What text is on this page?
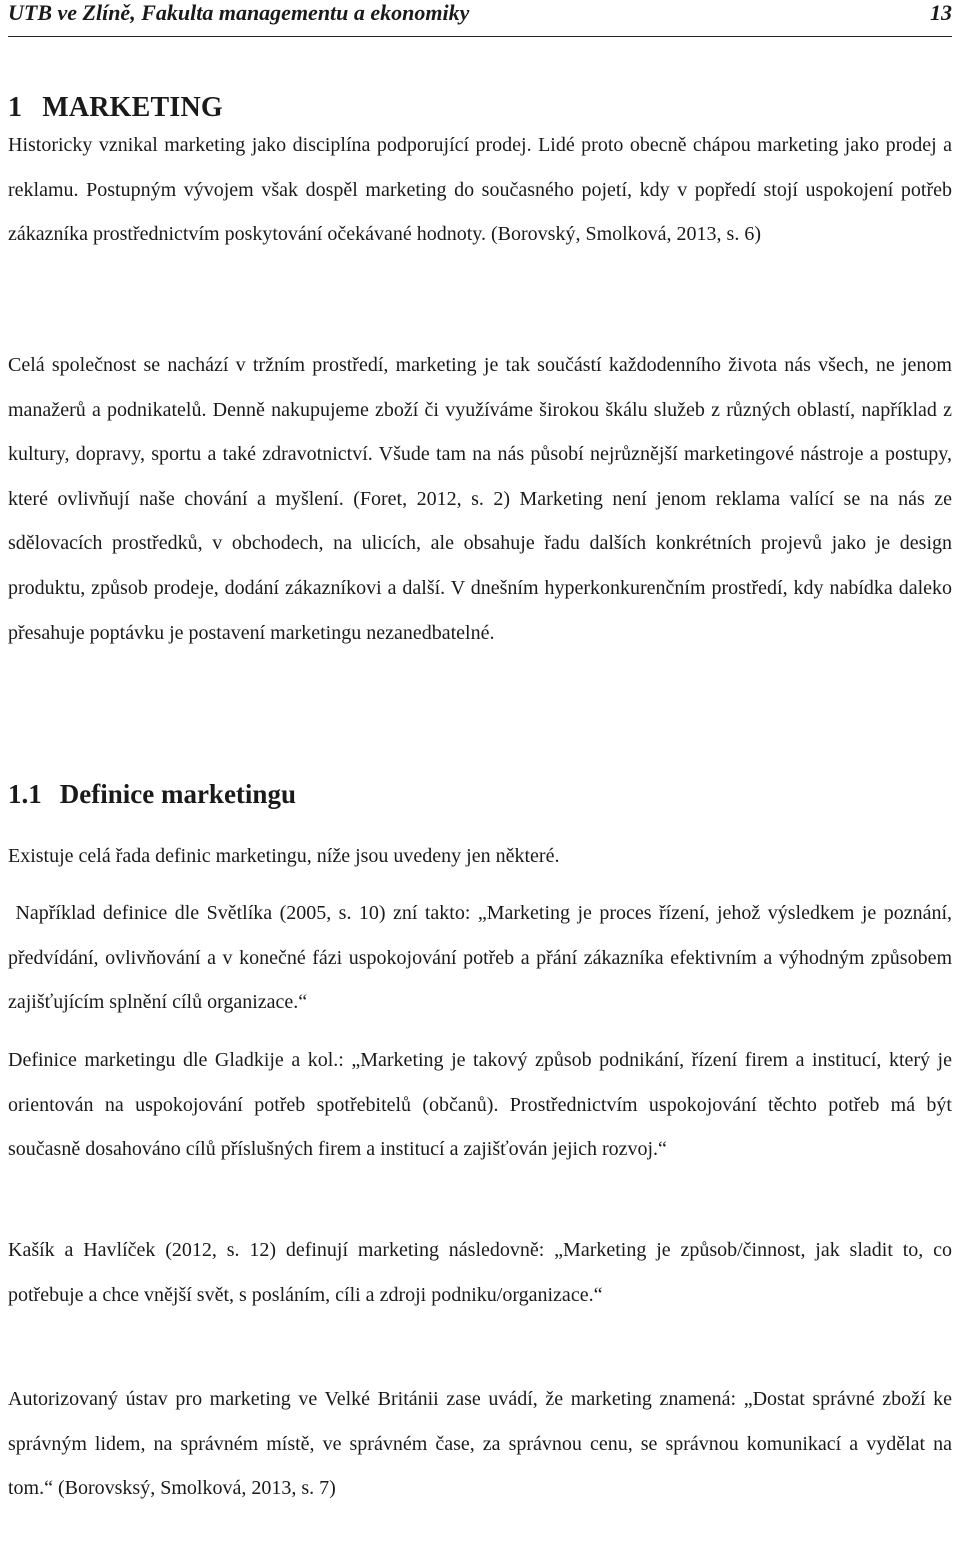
UTB ve Zlíně, Fakulta managementu a ekonomiky	13
1 MARKETING

Historicky vznikal marketing jako disciplína podporující prodej. Lidé proto obecně chápou marketing jako prodej a reklamu. Postupným vývojem však dospěl marketing do současného pojetí, kdy v popředí stojí uspokojení potřeb zákazníka prostřednictvím poskytování očekávané hodnoty. (Borovský, Smolková, 2013, s. 6)

Celá společnost se nachází v tržním prostředí, marketing je tak součástí každodenního života nás všech, ne jenom manažerů a podnikatelů. Denně nakupujeme zboží či využíváme širokou škálu služeb z různých oblastí, například z kultury, dopravy, sportu a také zdravotnictví. Všude tam na nás působí nejrůznější marketingové nástroje a postupy, které ovlivňují naše chování a myšlení. (Foret, 2012, s. 2) Marketing není jenom reklama valící se na nás ze sdělovacích prostředků, v obchodech, na ulicích, ale obsahuje řadu dalších konkrétních projevů jako je design produktu, způsob prodeje, dodání zákazníkovi a další. V dnešním hyperkonkurenčním prostředí, kdy nabídka daleko přesahuje poptávku je postavení marketingu nezanedbatelné.

1.1 Definice marketingu

Existuje celá řada definic marketingu, níže jsou uvedeny jen některé.

Například definice dle Světlíka (2005, s. 10) zní takto: „Marketing je proces řízení, jehož výsledkem je poznání, předvídání, ovlivňování a v konečné fázi uspokojování potřeb a přání zákazníka efektivním a výhodným způsobem zajišťujícím splnění cílů organizace.“

Definice marketingu dle Gladkije a kol.: „Marketing je takový způsob podnikání, řízení firem a institucí, který je orientován na uspokojování potřeb spotřebitelů (občanů). Prostřednictvím uspokojování těchto potřeb má být současně dosahováno cílů příslušných firem a institucí a zajišťován jejich rozvoj.“

Kašík a Havlíček (2012, s. 12) definují marketing následovně: „Marketing je způsob/činnost, jak sladit to, co potřebuje a chce vnější svět, s posláním, cíli a zdroji podniku/organizace.“

Autorizovaný ústav pro marketing ve Velké Británii zase uvádí, že marketing znamená: „Dostat správné zboží ke správným lidem, na správném místě, ve správném čase, za správnou cenu, se správnou komunikací a vydělat na tom.“ (Borovsksý, Smolková, 2013, s. 7)
